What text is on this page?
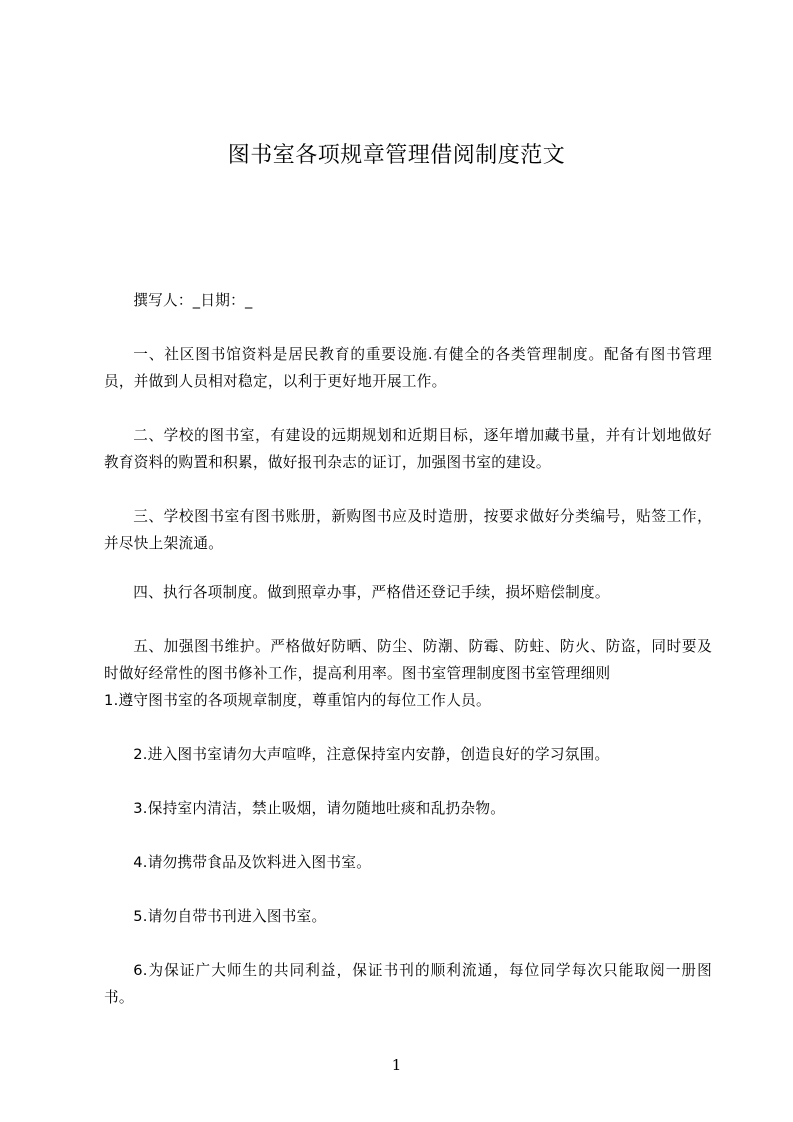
图书室各项规章管理借阅制度范文
撰写人：_日期：_
一、社区图书馆资料是居民教育的重要设施.有健全的各类管理制度。配备有图书管理员，并做到人员相对稳定，以利于更好地开展工作。
二、学校的图书室，有建设的远期规划和近期目标，逐年增加藏书量，并有计划地做好教育资料的购置和积累，做好报刊杂志的证订，加强图书室的建设。
三、学校图书室有图书账册，新购图书应及时造册，按要求做好分类编号，贴签工作，并尽快上架流通。
四、执行各项制度。做到照章办事，严格借还登记手续，损坏赔偿制度。
五、加强图书维护。严格做好防晒、防尘、防潮、防霉、防蛀、防火、防盗，同时要及时做好经常性的图书修补工作，提高利用率。图书室管理制度图书室管理细则
1.遵守图书室的各项规章制度，尊重馆内的每位工作人员。
2.进入图书室请勿大声喧哗，注意保持室内安静，创造良好的学习氛围。
3.保持室内清洁，禁止吸烟，请勿随地吐痰和乱扔杂物。
4.请勿携带食品及饮料进入图书室。
5.请勿自带书刊进入图书室。
6.为保证广大师生的共同利益，保证书刊的顺利流通，每位同学每次只能取阅一册图书。
1
